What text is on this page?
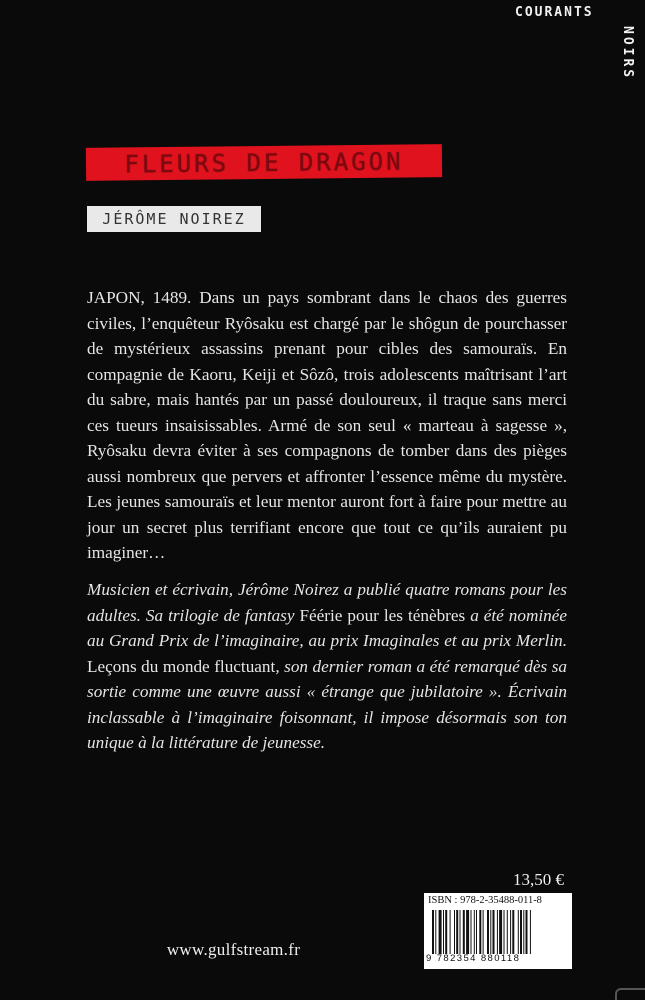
COURANTS
NOIRS
FLEURS DE DRAGON
JÉRÔME NOIREZ

JAPON, 1489. Dans un pays sombrant dans le chaos des guerres civiles, l’enquêteur Ryôsaku est chargé par le shôgun de pourchasser de mystérieux assassins prenant pour cibles des samouraïs. En compagnie de Kaoru, Keiji et Sôzô, trois adolescents maîtrisant l’art du sabre, mais hantés par un passé douloureux, il traque sans merci ces tueurs insaisissables. Armé de son seul « marteau à sagesse », Ryôsaku devra éviter à ses compagnons de tomber dans des pièges aussi nombreux que pervers et affronter l’essence même du mystère. Les jeunes samouraïs et leur mentor auront fort à faire pour mettre au jour un secret plus terrifiant encore que tout ce qu’ils auraient pu imaginer…

Musicien et écrivain, Jérôme Noirez a publié quatre romans pour les adultes. Sa trilogie de fantasy Féérie pour les ténèbres a été nominée au Grand Prix de l’imaginaire, au prix Imaginales et au prix Merlin. Leçons du monde fluctuant, son dernier roman a été remarqué dès sa sortie comme une œuvre aussi « étrange que jubilatoire ». Écrivain inclassable à l’imaginaire foisonnant, il impose désormais son ton unique à la littérature de jeunesse.

13,50 €
ISBN : 978-2-35488-011-8
9 782354 880118
www.gulfstream.fr
